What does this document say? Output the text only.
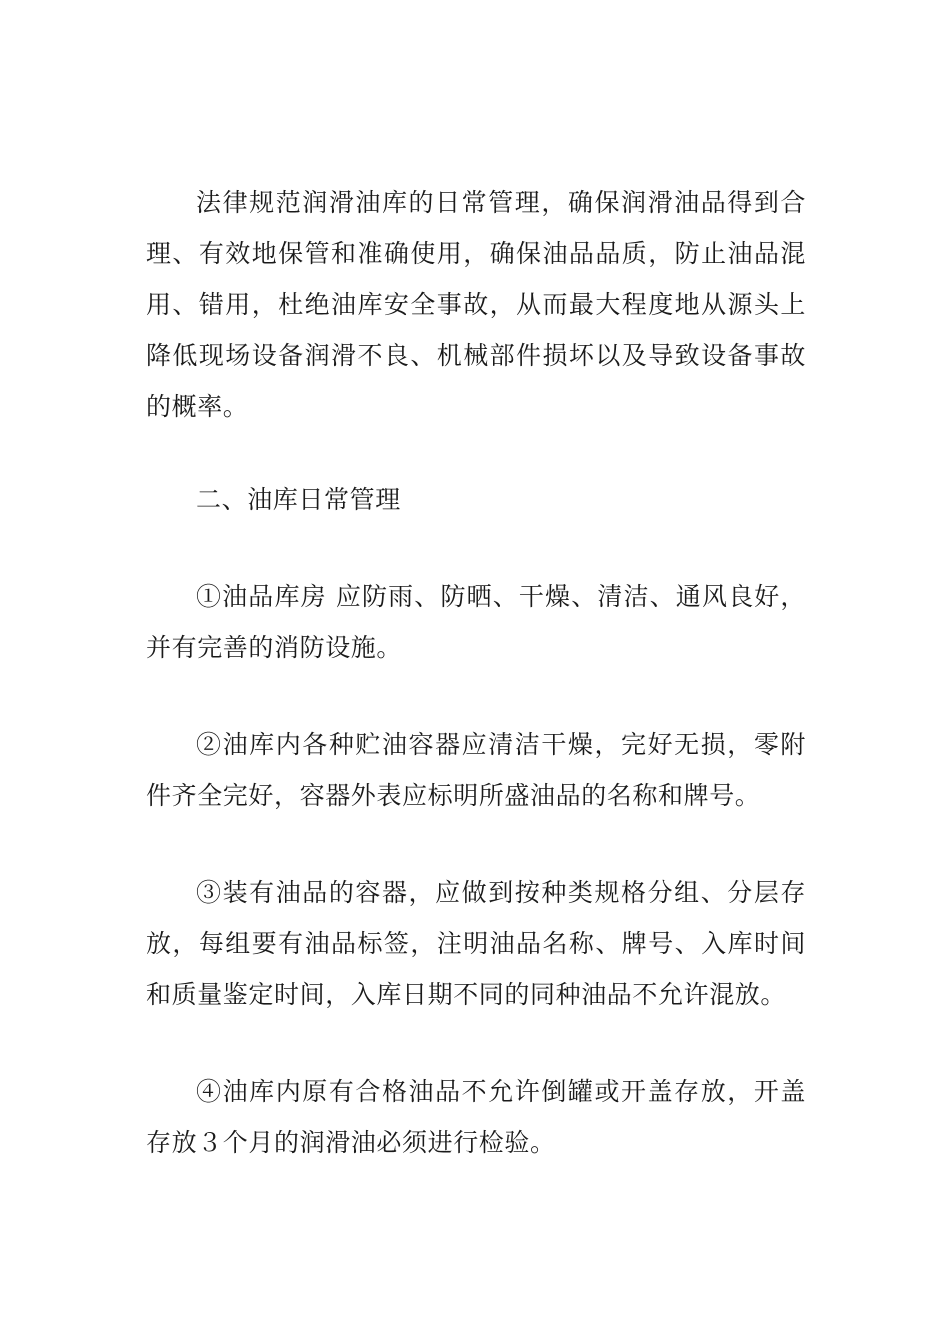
法律规范润滑油库的日常管理，确保润滑油品得到合理、有效地保管和准确使用，确保油品品质，防止油品混用、错用，杜绝油库安全事故，从而最大程度地从源头上降低现场设备润滑不良、机械部件损坏以及导致设备事故的概率。

二、油库日常管理

①油品库房 应防雨、防晒、干燥、清洁、通风良好，并有完善的消防设施。

②油库内各种贮油容器应清洁干燥，完好无损，零附件齐全完好，容器外表应标明所盛油品的名称和牌号。

③装有油品的容器，应做到按种类规格分组、分层存放，每组要有油品标签，注明油品名称、牌号、入库时间和质量鉴定时间，入库日期不同的同种油品不允许混放。

④油库内原有合格油品不允许倒罐或开盖存放，开盖存放３个月的润滑油必须进行检验。
